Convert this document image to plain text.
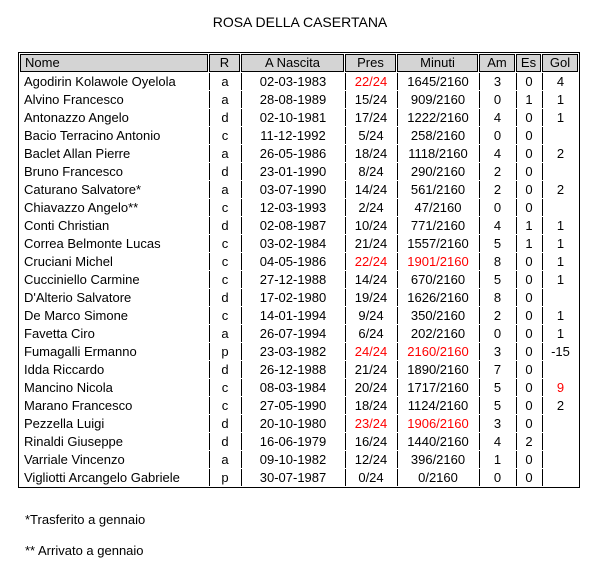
ROSA DELLA CASERTANA
Nome	R	A Nascita	Pres	Minuti	Am	Es	Gol
Agodirin Kolawole Oyelola	a	02-03-1983	22/24	1645/2160	3	0	4
Alvino Francesco	a	28-08-1989	15/24	909/2160	0	1	1
Antonazzo Angelo	d	02-10-1981	17/24	1222/2160	4	0	1
Bacio Terracino Antonio	c	11-12-1992	5/24	258/2160	0	0	
Baclet Allan Pierre	a	26-05-1986	18/24	1118/2160	4	0	2
Bruno Francesco	d	23-01-1990	8/24	290/2160	2	0	
Caturano Salvatore*	a	03-07-1990	14/24	561/2160	2	0	2
Chiavazzo Angelo**	c	12-03-1993	2/24	47/2160	0	0	
Conti Christian	d	02-08-1987	10/24	771/2160	4	1	1
Correa Belmonte Lucas	c	03-02-1984	21/24	1557/2160	5	1	1
Cruciani Michel	c	04-05-1986	22/24	1901/2160	8	0	1
Cucciniello Carmine	c	27-12-1988	14/24	670/2160	5	0	1
D'Alterio Salvatore	d	17-02-1980	19/24	1626/2160	8	0	
De Marco Simone	c	14-01-1994	9/24	350/2160	2	0	1
Favetta Ciro	a	26-07-1994	6/24	202/2160	0	0	1
Fumagalli Ermanno	p	23-03-1982	24/24	2160/2160	3	0	-15
Idda Riccardo	d	26-12-1988	21/24	1890/2160	7	0	
Mancino Nicola	c	08-03-1984	20/24	1717/2160	5	0	9
Marano Francesco	c	27-05-1990	18/24	1124/2160	5	0	2
Pezzella Luigi	d	20-10-1980	23/24	1906/2160	3	0	
Rinaldi Giuseppe	d	16-06-1979	16/24	1440/2160	4	2	
Varriale Vincenzo	a	09-10-1982	12/24	396/2160	1	0	
Vigliotti Arcangelo Gabriele	p	30-07-1987	0/24	0/2160	0	0	
*Trasferito a gennaio
** Arrivato a gennaio
